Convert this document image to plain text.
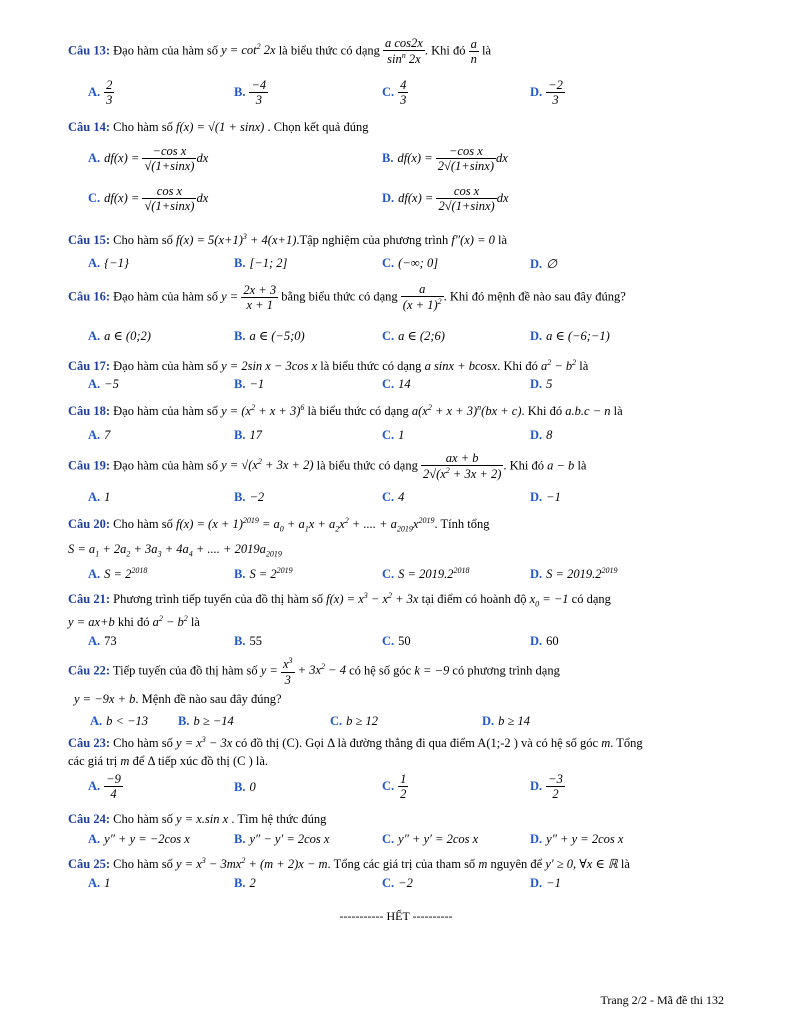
Câu 13: Đạo hàm của hàm số $y = \cot^2 2x$ là biểu thức có dạng $\frac{\text{a cos2x}}{\sin^n 2x}$ . Khi đó $\frac{a}{n}$ là
A. $\frac{2}{3}$	B. $\frac{-4}{3}$	C. $\frac{4}{3}$	D. $\frac{-2}{3}$
Câu 14: Cho hàm số f(x) = √(1 + sinx) . Chọn kết quả đúng
A. $df(x) = \frac{\text{−cos x}}{√(1+\sin x)}$ dx	B. $df(x) = \frac{\text{−cos x}}{2√(1+\sin x)}$ dx
C. $df(x) = \frac{\text{cos x}}{√(1+\sin x)}$ dx	D. $df(x) = \frac{\text{cos x}}{2√(1+\sin x)}$ dx
Câu 15: Cho hàm số $f(x) = 5(x+1)^3$ + 4(x+1).Tập nghiệm của phương trình f″(x) = 0 là
A. {−1}	B. [−1; 2]	C. (−∞; 0]	D. ∅
Câu 16: Đạo hàm của hàm số $y = \frac{2x + 3}{x + 1}$ bằng biểu thức có dạng $\frac{a}{(x + 1)^2}$ . Khi đó mệnh đề nào sau đây đúng?
A. a ∈ (0;2)	B. a ∈ (−5;0)	C. a ∈ (2;6)	D. a ∈ (−6;−1)
Câu 17: Đạo hàm của hàm số y = 2sin x − 3cos x là biểu thức có dạng a sinx + bcosx. Khi đó $a^2 - b^2$ là
A. −5	B. −1	C. 14	D. 5
Câu 18: Đạo hàm của hàm số $y = (x^2 + x + 3)^6$ là biểu thức có dạng $a(x^2 + x + 3)^n(bx + c)$. Khi đó a.b.c − n là
A. 7	B. 17	C. 1	D. 8
Câu 19: Đạo hàm của hàm số $y = √(x^2 + 3x + 2)$ là biểu thức có dạng $\frac{ax + b}{2√(x^2 + 3x + 2)}$ . Khi đó a − b là
A. 1	B. −2	C. 4	D. −1
Câu 20: Cho hàm số $f(x) = (x + 1)^{2019} = a_0 + a_1x + a_2x^2$ + .... + $a_{2019}x^{2019}$. Tính tổng
$S = a_1 + 2a_2 + 3a_3 + 4a_4$ + .... + $2019a_{2019}$
A. $S = 2^{2018}$	B. $S = 2^{2019}$	C. $S = 2019.2^{2018}$	D. $S = 2019.2^{2019}$
Câu 21: Phương trình tiếp tuyến của đồ thị hàm số $f(x) = x^3 - x^2 + 3x$ tại điểm có hoành độ $x_0 = -1$ có dạng
y = ax+b khi đó $a^2 - b^2$ là
A. 73	B. 55	C. 50	D. 60
Câu 22: Tiếp tuyến của đồ thị hàm số $y = \frac{x^3}{3} + 3x^2 - 4$ có hệ số góc k = −9 có phương trình dạng
y = −9x + b. Mệnh đề nào sau đây đúng?
A. b < −13 B. b ≥ −14	C. b ≥ 12	D. b ≥ 14
Câu 23: Cho hàm số $y = x^3 - 3x$ có đồ thị (C). Gọi Δ là đường thẳng đi qua điểm A(1;-2 ) và có hệ số góc m. Tổng
các giá trị m để Δ tiếp xúc đồ thị (C ) là.
A. $\frac{-9}{4}$	B. 0	C. $\frac{1}{2}$	D. $\frac{-3}{2}$
Câu 24: Cho hàm số y = x.sin x . Tìm hệ thức đúng
A. y″ + y = −2cos x	B. y″ − y′ = 2cos x	C. y″ + y′ = 2cos x	D. y″ + y = 2cos x
Câu 25: Cho hàm số $y = x^3 - 3mx^2 + (m + 2)x - m$. Tổng các giá trị của tham số m nguyên để y′ ≥ 0, ∀x ∈ ℝ là
A. 1	B. 2	C. −2	D. −1
----------- HẾT ----------
Trang 2/2 - Mã đề thi 132
